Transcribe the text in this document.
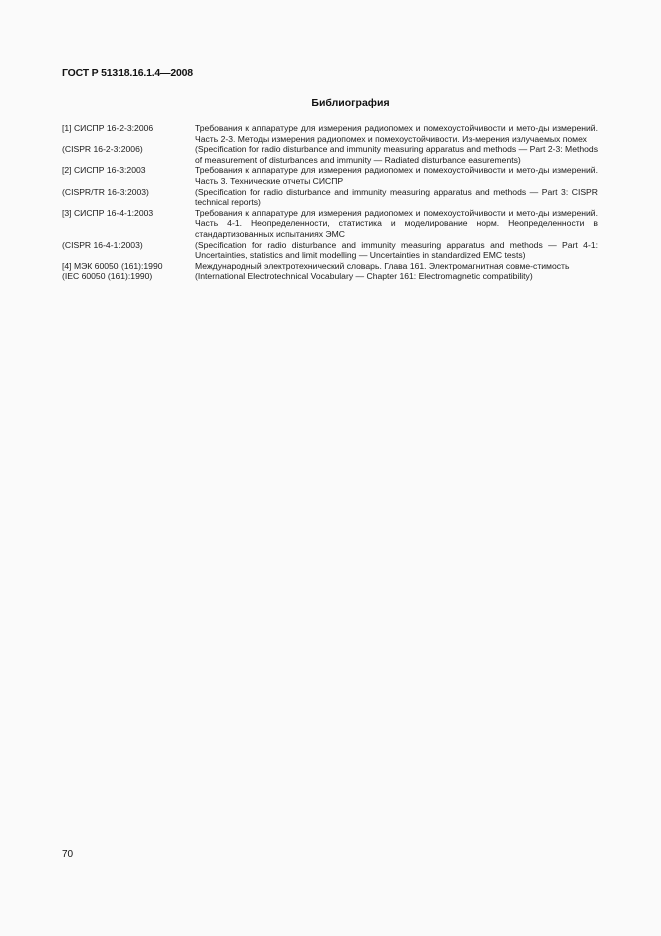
ГОСТ Р 51318.16.1.4—2008
Библиография
[1] СИСПР 16-2-3:2006	Требования к аппаратуре для измерения радиопомех и помехоустойчивости и мето-ды измерений. Часть 2-3. Методы измерения радиопомех и помехоустойчивости. Из-мерения излучаемых помех
(CISPR 16-2-3:2006)	(Specification for radio disturbance and immunity measuring apparatus and methods — Part 2-3: Methods of measurement of disturbances and immunity — Radiated disturbance easurements)
[2] СИСПР 16-3:2003	Требования к аппаратуре для измерения радиопомех и помехоустойчивости и мето-ды измерений. Часть 3. Технические отчеты СИСПР
(CISPR/TR 16-3:2003)	(Specification for radio disturbance and immunity measuring apparatus and methods — Part 3: CISPR technical reports)
[3] СИСПР 16-4-1:2003	Требования к аппаратуре для измерения радиопомех и помехоустойчивости и мето-ды измерений. Часть 4-1. Неопределенности, статистика и моделирование норм. Неопределенности в стандартизованных испытаниях ЭМС
(CISPR 16-4-1:2003)	(Specification for radio disturbance and immunity measuring apparatus and methods — Part 4-1: Uncertainties, statistics and limit modelling — Uncertainties in standardized EMC tests)
[4] МЭК 60050 (161):1990	Международный электротехнический словарь. Глава 161. Электромагнитная совме-стимость
(IEC 60050 (161):1990)	(International Electrotechnical Vocabulary — Chapter 161: Electromagnetic compatibility)
70
